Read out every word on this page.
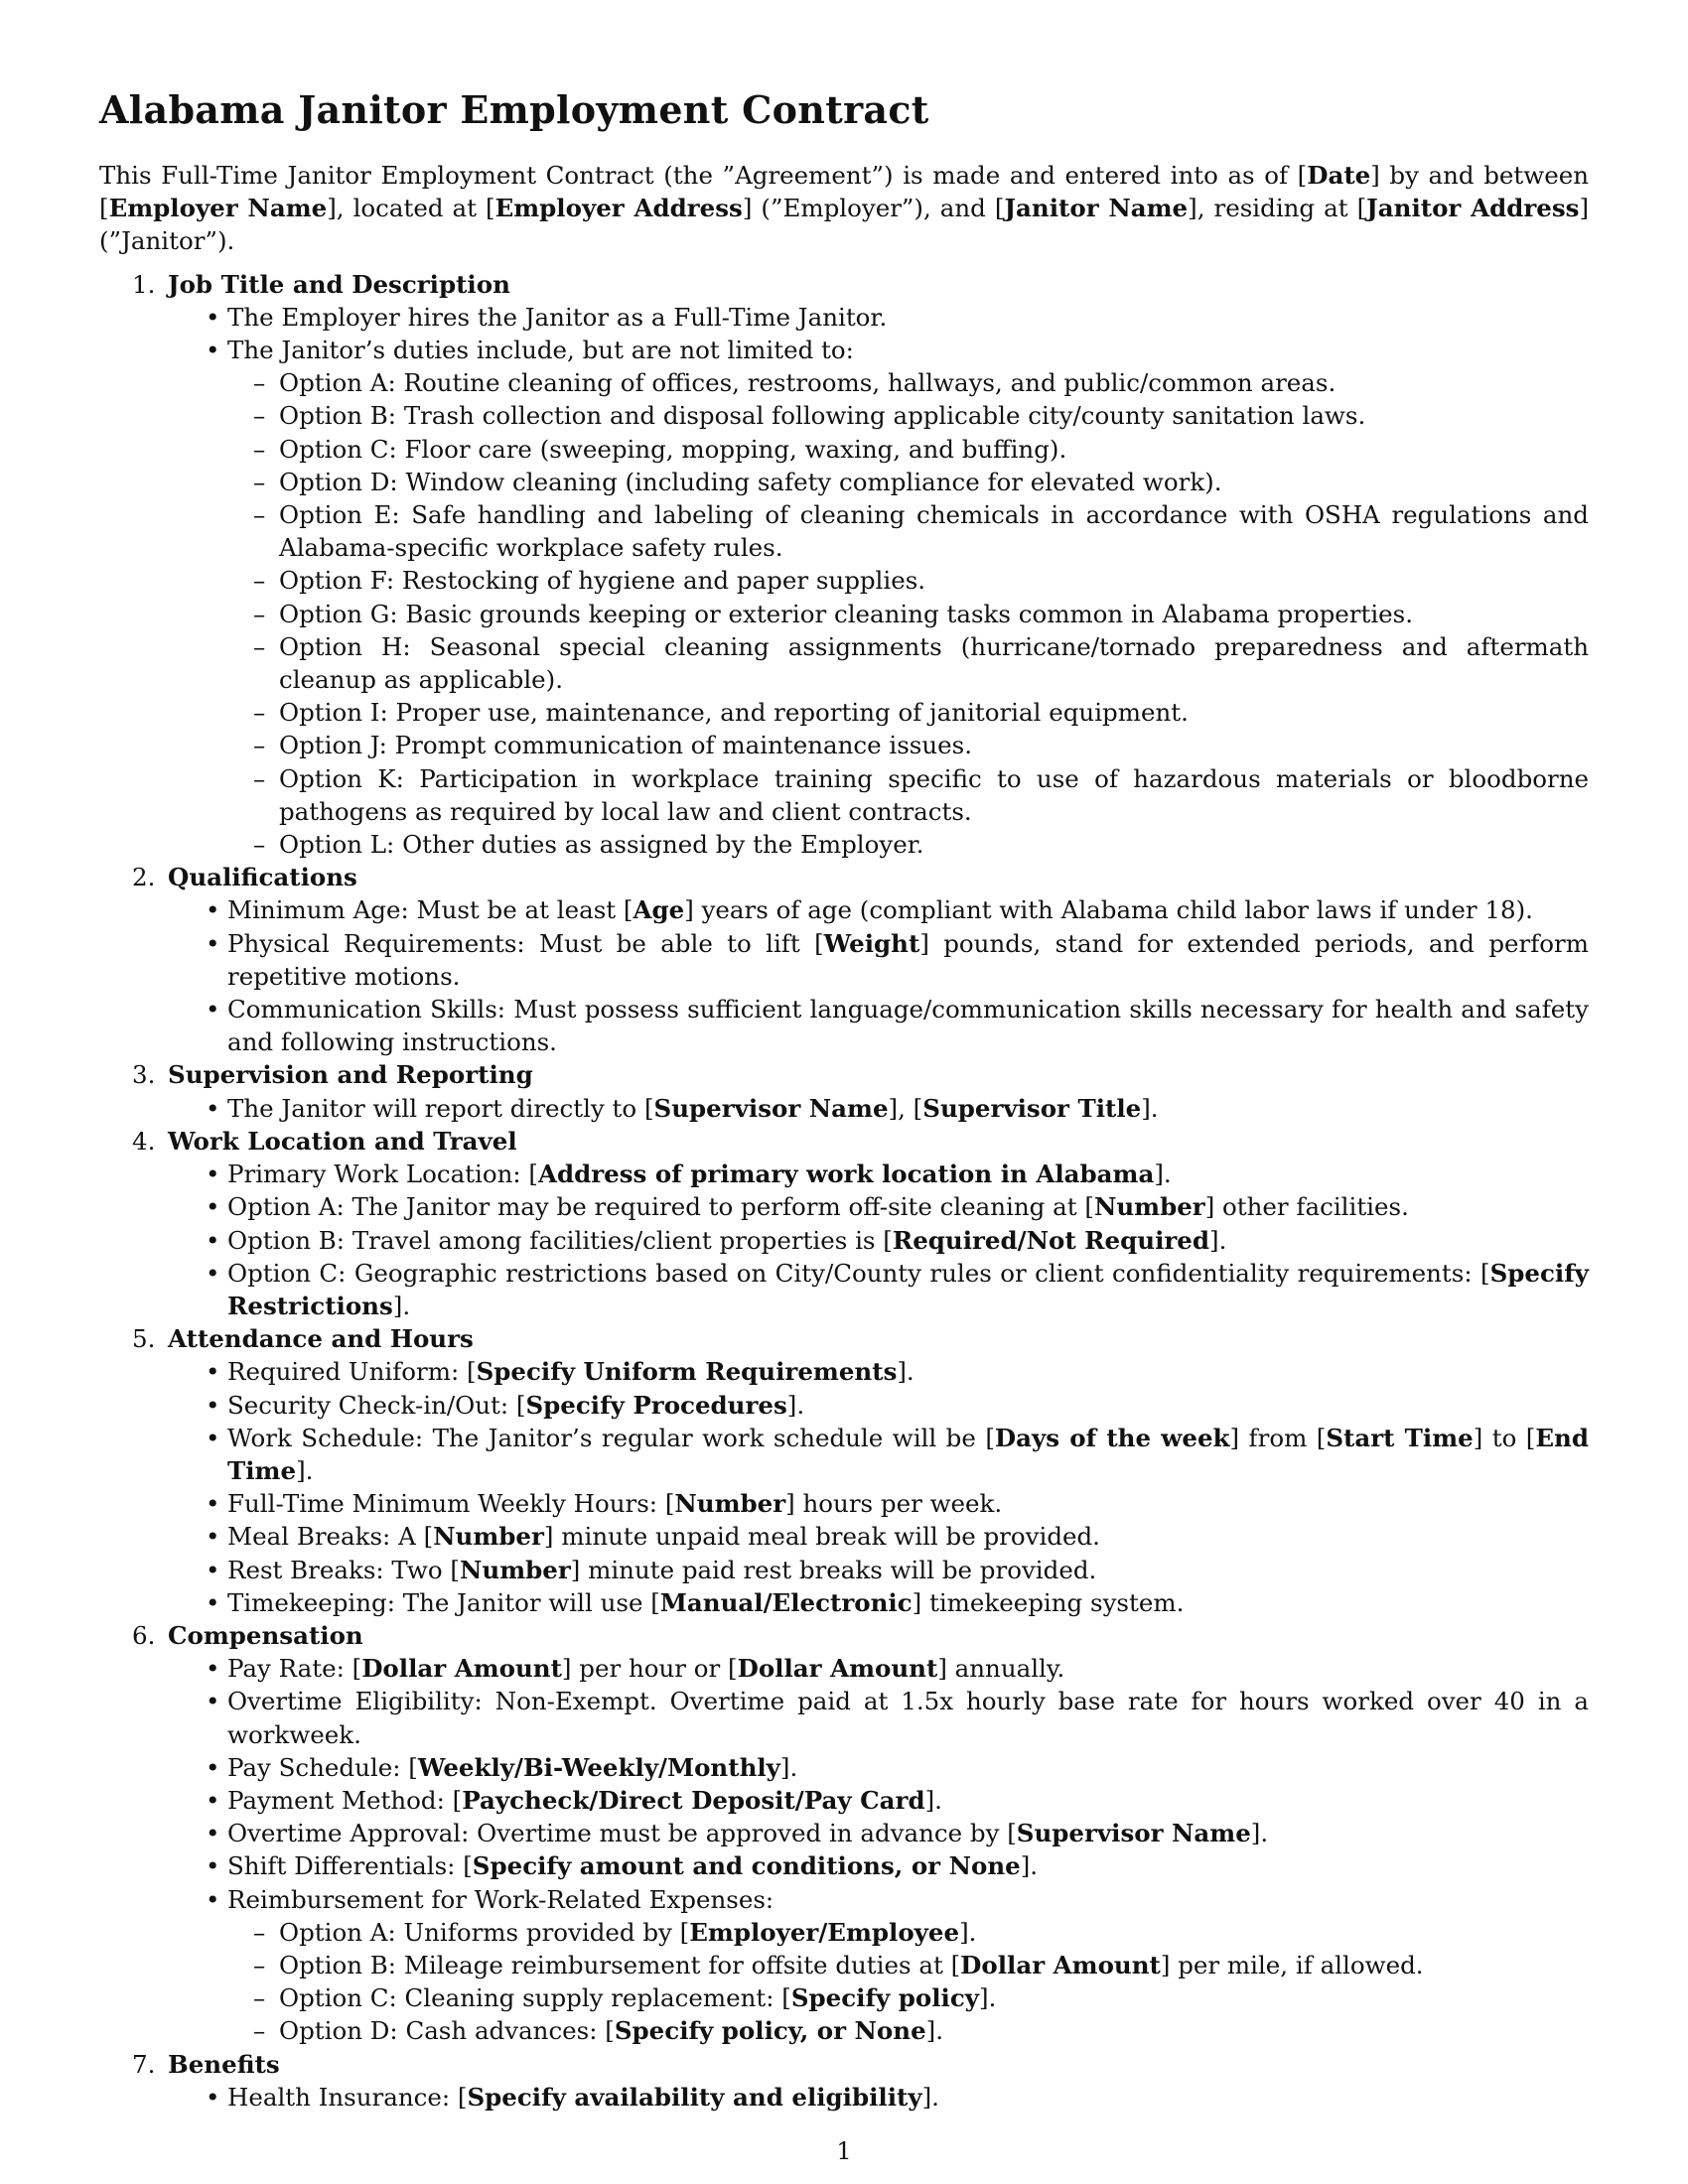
Alabama Janitor Employment Contract

This Full-Time Janitor Employment Contract (the ”Agreement”) is made and entered into as of [Date] by and between [Employer Name], located at [Employer Address] (”Employer”), and [Janitor Name], residing at [Janitor Address] (”Janitor”).

1. Job Title and Description
• The Employer hires the Janitor as a Full-Time Janitor.
• The Janitor’s duties include, but are not limited to:
– Option A: Routine cleaning of offices, restrooms, hallways, and public/common areas.
– Option B: Trash collection and disposal following applicable city/county sanitation laws.
– Option C: Floor care (sweeping, mopping, waxing, and buffing).
– Option D: Window cleaning (including safety compliance for elevated work).
– Option E: Safe handling and labeling of cleaning chemicals in accordance with OSHA regulations and Alabama-specific workplace safety rules.
– Option F: Restocking of hygiene and paper supplies.
– Option G: Basic grounds keeping or exterior cleaning tasks common in Alabama properties.
– Option H: Seasonal special cleaning assignments (hurricane/tornado preparedness and aftermath cleanup as applicable).
– Option I: Proper use, maintenance, and reporting of janitorial equipment.
– Option J: Prompt communication of maintenance issues.
– Option K: Participation in workplace training specific to use of hazardous materials or bloodborne pathogens as required by local law and client contracts.
– Option L: Other duties as assigned by the Employer.
2. Qualifications
• Minimum Age: Must be at least [Age] years of age (compliant with Alabama child labor laws if under 18).
• Physical Requirements: Must be able to lift [Weight] pounds, stand for extended periods, and perform repetitive motions.
• Communication Skills: Must possess sufficient language/communication skills necessary for health and safety and following instructions.
3. Supervision and Reporting
• The Janitor will report directly to [Supervisor Name], [Supervisor Title].
4. Work Location and Travel
• Primary Work Location: [Address of primary work location in Alabama].
• Option A: The Janitor may be required to perform off-site cleaning at [Number] other facilities.
• Option B: Travel among facilities/client properties is [Required/Not Required].
• Option C: Geographic restrictions based on City/County rules or client confidentiality requirements: [Specify Restrictions].
5. Attendance and Hours
• Required Uniform: [Specify Uniform Requirements].
• Security Check-in/Out: [Specify Procedures].
• Work Schedule: The Janitor’s regular work schedule will be [Days of the week] from [Start Time] to [End Time].
• Full-Time Minimum Weekly Hours: [Number] hours per week.
• Meal Breaks: A [Number] minute unpaid meal break will be provided.
• Rest Breaks: Two [Number] minute paid rest breaks will be provided.
• Timekeeping: The Janitor will use [Manual/Electronic] timekeeping system.
6. Compensation
• Pay Rate: [Dollar Amount] per hour or [Dollar Amount] annually.
• Overtime Eligibility: Non-Exempt. Overtime paid at 1.5x hourly base rate for hours worked over 40 in a workweek.
• Pay Schedule: [Weekly/Bi-Weekly/Monthly].
• Payment Method: [Paycheck/Direct Deposit/Pay Card].
• Overtime Approval: Overtime must be approved in advance by [Supervisor Name].
• Shift Differentials: [Specify amount and conditions, or None].
• Reimbursement for Work-Related Expenses:
– Option A: Uniforms provided by [Employer/Employee].
– Option B: Mileage reimbursement for offsite duties at [Dollar Amount] per mile, if allowed.
– Option C: Cleaning supply replacement: [Specify policy].
– Option D: Cash advances: [Specify policy, or None].
7. Benefits
• Health Insurance: [Specify availability and eligibility].
1
